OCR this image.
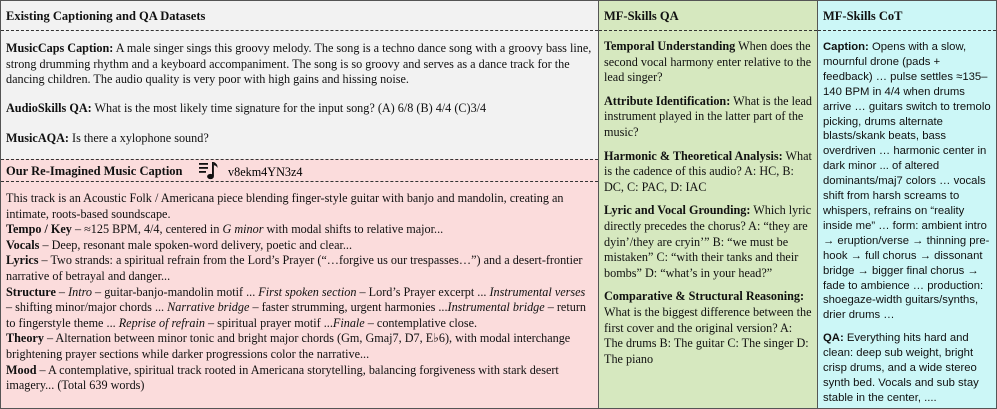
Existing Captioning and QA Datasets

MusicCaps Caption: A male singer sings this groovy melody. The song is a techno dance song with a groovy bass line, strong drumming rhythm and a keyboard accompaniment. The song is so groovy and serves as a dance track for the dancing children. The audio quality is very poor with high gains and hissing noise.

AudioSkills QA: What is the most likely time signature for the input song? (A) 6/8 (B) 4/4 (C)3/4

MusicAQA: Is there a xylophone sound?

Our Re-Imagined Music Caption	v8ekm4YN3z4

This track is an Acoustic Folk / Americana piece blending finger-style guitar with banjo and mandolin, creating an intimate, roots-based soundscape.

Tempo / Key – ≈125 BPM, 4/4, centered in G minor with modal shifts to relative major...

Vocals – Deep, resonant male spoken-word delivery, poetic and clear...

Lyrics – Two strands: a spiritual refrain from the Lord’s Prayer (“…forgive us our trespasses…”) and a desert-frontier narrative of betrayal and danger...

Structure – Intro – guitar-banjo-mandolin motif ... First spoken section – Lord’s Prayer excerpt ... Instrumental verses – shifting minor/major chords ... Narrative bridge – faster strumming, urgent harmonies ...Instrumental bridge – return to fingerstyle theme ... Reprise of refrain – spiritual prayer motif ...Finale – contemplative close.

Theory – Alternation between minor tonic and bright major chords (Gm, Gmaj7, D7, E♭6), with modal interchange brightening prayer sections while darker progressions color the narrative...

Mood – A contemplative, spiritual track rooted in Americana storytelling, balancing forgiveness with stark desert imagery... (Total 639 words)

MF-Skills QA

Temporal Understanding When does the second vocal harmony enter relative to the lead singer?

Attribute Identification: What is the lead instrument played in the latter part of the music?

Harmonic & Theoretical Analysis: What is the cadence of this audio? A: HC, B: DC, C: PAC, D: IAC

Lyric and Vocal Grounding: Which lyric directly precedes the chorus? A: “they are dyin’/they are cryin’” B: “we must be mistaken” C: “with their tanks and their bombs” D: “what’s in your head?”

Comparative & Structural Reasoning: What is the biggest difference between the first cover and the original version? A: The drums B: The guitar C: The singer D: The piano

MF-Skills CoT

Caption: Opens with a slow, mournful drone (pads + feedback) … pulse settles ≈135–140 BPM in 4/4 when drums arrive … guitars switch to tremolo picking, drums alternate blasts/skank beats, bass overdriven … harmonic center in dark minor ... of altered dominants/maj7 colors … vocals shift from harsh screams to whispers, refrains on “reality inside me” … form: ambient intro → eruption/verse → thinning pre-hook → full chorus → dissonant bridge → bigger final chorus → fade to ambience … production: shoegaze-width guitars/synths, drier drums …

QA: Everything hits hard and clean: deep sub weight, bright crisp drums, and a wide stereo synth bed. Vocals and sub stay stable in the center, ....
